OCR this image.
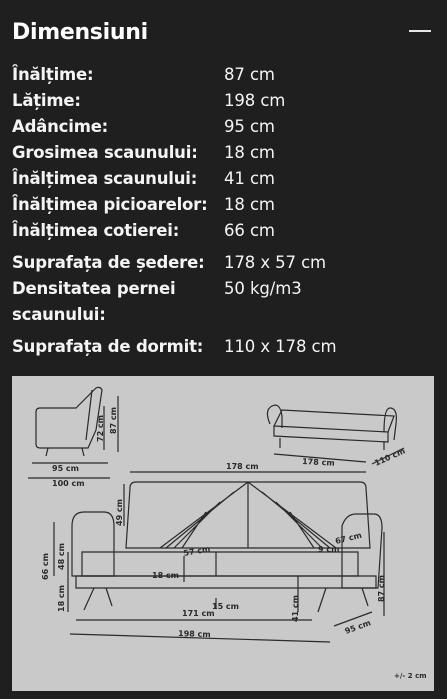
Dimensiuni
Înălțime:	87 cm
Lățime:	198 cm
Adâncime:	95 cm
Grosimea scaunului:	18 cm
Înălțimea scaunului:	41 cm
Înălțimea picioarelor: 18 cm
Înălțimea cotierei:	66 cm
Suprafața de ședere:	178 x 57 cm
Densitatea pernei	50 kg/m3
scaunului:
Suprafața de dormit:	110 x 178 cm
95 cm
100 cm
72 cm 87 cm
178 cm	110 cm
178 cm
49 cm
57 cm	9 cm
67 cm
87 cm
66 cm 48 cm
18 cm
18 cm
15 cm	41 cm
171 cm
198 cm	95 cm
+/- 2 cm
